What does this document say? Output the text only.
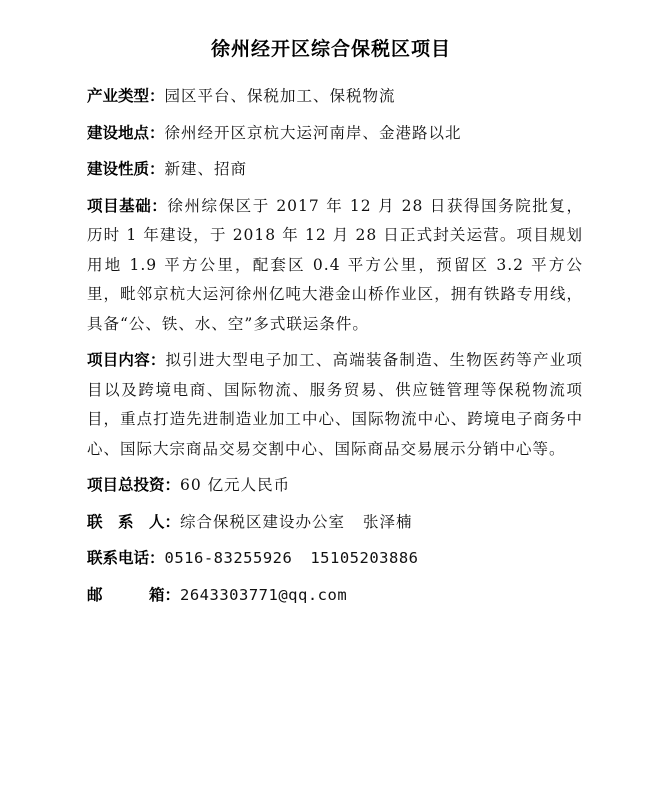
徐州经开区综合保税区项目
产业类型：园区平台、保税加工、保税物流
建设地点：徐州经开区京杭大运河南岸、金港路以北
建设性质：新建、招商
项目基础：徐州综保区于 2017 年 12 月 28 日获得国务院批复，历时 1 年建设，于 2018 年 12 月 28 日正式封关运营。项目规划用地 1.9 平方公里，配套区 0.4 平方公里，预留区 3.2 平方公里，毗邻京杭大运河徐州亿吨大港金山桥作业区，拥有铁路专用线，具备“公、铁、水、空”多式联运条件。
项目内容：拟引进大型电子加工、高端装备制造、生物医药等产业项目以及跨境电商、国际物流、服务贸易、供应链管理等保税物流项目，重点打造先进制造业加工中心、国际物流中心、跨境电子商务中心、国际大宗商品交易交割中心、国际商品交易展示分销中心等。
项目总投资：60 亿元人民币
联　系　人：综合保税区建设办公室 张泽楠
联系电话：0516-83255926 15105203886
邮　　　箱：2643303771@qq.com
